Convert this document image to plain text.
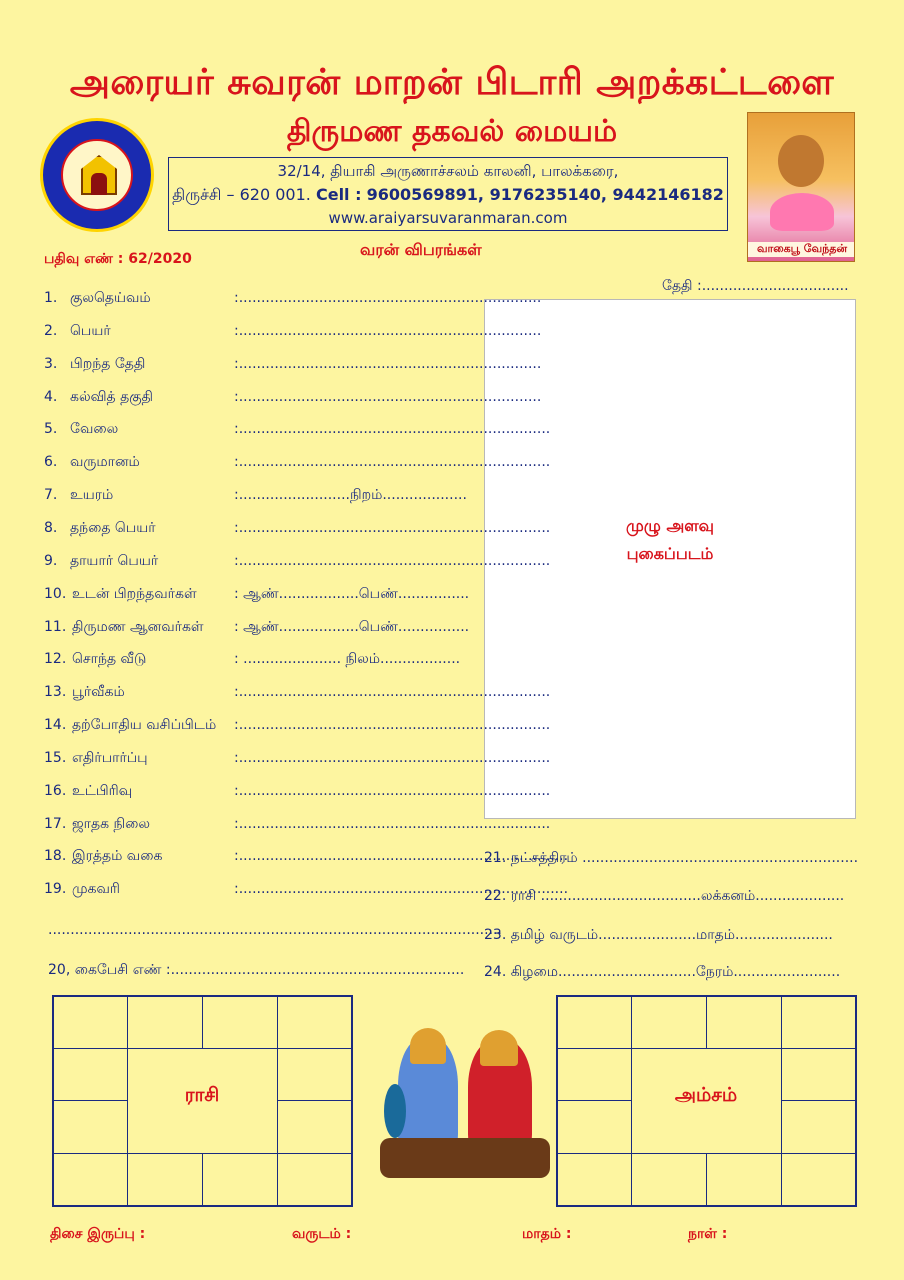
அரையர் சுவரன் மாறன் பிடாரி அறக்கட்டளை
திருமண தகவல் மையம்
வாகைபூ வேந்தன்
32/14, தியாகி அருணாச்சலம் காலனி, பாலக்கரை,
திருச்சி – 620 001. Cell : 9600569891, 9176235140, 9442146182
www.araiyarsuvaranmaran.com
பதிவு எண் : 62/2020	வரன் விபரங்கள்
தேதி :.................................
முழு அளவு
புகைப்படம்
1. குலதெய்வம்	:....................................................................
2. பெயர்	:....................................................................
3. பிறந்த தேதி	:....................................................................
4. கல்வித் தகுதி	:....................................................................
5. வேலை	:......................................................................
6. வருமானம்	:......................................................................
7. உயரம்	:.........................நிறம்...................
8. தந்தை பெயர்	:......................................................................
9. தாயார் பெயர்	:......................................................................
10. உடன் பிறந்தவர்கள்	: ஆண்..................பெண்................
11. திருமண ஆனவர்கள் : ஆண்..................பெண்................
12. சொந்த வீடு	: ...................... நிலம்..................
13. பூர்வீகம்	:......................................................................
14. தற்போதிய வசிப்பிடம் :......................................................................
15. எதிர்பார்ப்பு	:......................................................................
16. உட்பிரிவு	:......................................................................
17. ஜாதக நிலை	:......................................................................
18. இரத்தம் வகை	:..........................................................................
19. முகவரி	:..........................................................................
......................................................................................................
20, கைபேசி எண் :..................................................................
21. நட்சத்திரம் ..............................................................
22. ராசி ....................................லக்கனம்....................
23. தமிழ் வருடம்......................மாதம்......................
24. கிழமை...............................நேரம்........................
ராசி	அம்சம்
திசை இருப்பு :	வருடம் :	மாதம் :	நாள் :
